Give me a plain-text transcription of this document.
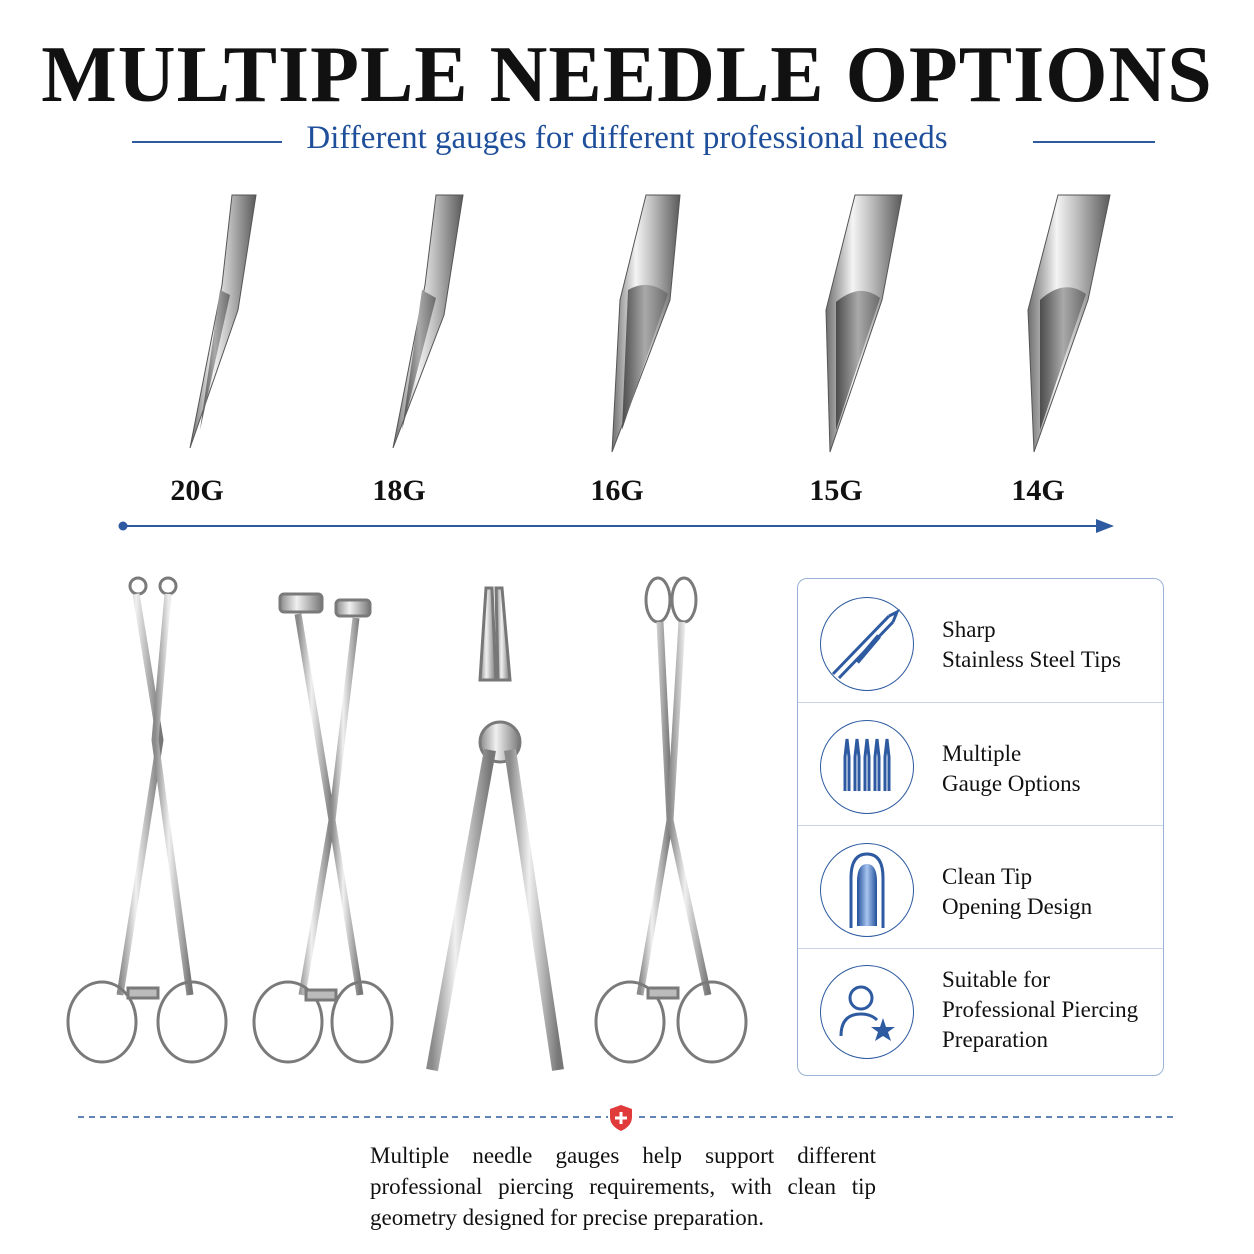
MULTIPLE NEEDLE OPTIONS
Different gauges for different professional needs
20G	18G	16G	15G	14G
Sharp
Stainless Steel Tips
Multiple
Gauge Options
Clean Tip
Opening Design
Suitable for
Professional Piercing
Preparation
Multiple needle gauges help support different professional piercing requirements, with clean tip geometry designed for precise preparation.
